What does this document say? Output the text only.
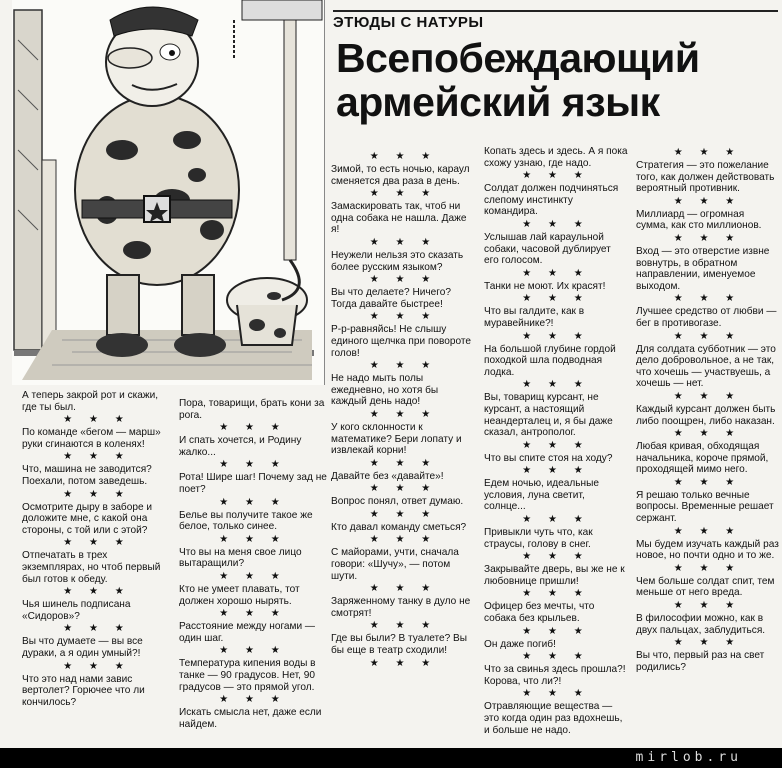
ЭТЮДЫ С НАТУРЫ
Всепобеждающий армейский язык

А теперь закрой рот и скажи, где ты был.

★ ★ ★

По команде «бегом — марш» руки сгинаются в коленях!

★ ★ ★

Что, машина не заводится? Поехали, потом заведешь.

★ ★ ★

Осмотрите дыру в заборе и доложите мне, с какой она стороны, с той или с этой?

★ ★ ★

Отпечатать в трех экземплярах, но чтоб первый был готов к обеду.

★ ★ ★

Чья шинель подписана «Сидоров»?

★ ★ ★

Вы что думаете — вы все дураки, а я один умный?!

★ ★ ★

Что это над нами завис вертолет? Горючее что ли кончилось?

Пора, товарищи, брать кони за рога.

★ ★ ★

И спать хочется, и Родину жалко...

★ ★ ★

Рота! Шире шаг! Почему зад не поет?

★ ★ ★

Белье вы получите такое же белое, только синее.

★ ★ ★

Что вы на меня свое лицо вытаращили?

★ ★ ★

Кто не умеет плавать, тот должен хорошо нырять.

★ ★ ★

Расстояние между ногами — один шаг.

★ ★ ★

Температура кипения воды в танке — 90 градусов. Нет, 90 градусов — это прямой угол.

★ ★ ★

Искать смысла нет, даже если найдем.

★ ★ ★

Зимой, то есть ночью, караул сменяется два раза в день.

★ ★ ★

Замаскировать так, чтоб ни одна собака не нашла. Даже я!

★ ★ ★

Неужели нельзя это сказать более русским языком?

★ ★ ★

Вы что делаете? Ничего? Тогда давайте быстрее!

★ ★ ★

Р-р-равняйсь! Не слышу единого щелчка при повороте голов!

★ ★ ★

Не надо мыть полы ежедневно, но хотя бы каждый день надо!

★ ★ ★

У кого склонности к математике? Бери лопату и извлекай корни!

★ ★ ★

Давайте без «давайте»!

★ ★ ★

Вопрос понял, ответ думаю.

★ ★ ★

Кто давал команду сметься?

★ ★ ★

С майорами, учти, сначала говори: «Шучу», — потом шути.

★ ★ ★

Заряженному танку в дуло не смотрят!

★ ★ ★

Где вы были? В туалете? Вы бы еще в театр сходили!

★ ★ ★

Копать здесь и здесь. А я пока схожу узнаю, где надо.

★ ★ ★

Солдат должен подчиняться слепому инстинкту командира.

★ ★ ★

Услышав лай караульной собаки, часовой дублирует его голосом.

★ ★ ★

Танки не моют. Их красят!

★ ★ ★

Что вы галдите, как в муравейнике?!

★ ★ ★

На большой глубине гордой походкой шла подводная лодка.

★ ★ ★

Вы, товарищ курсант, не курсант, а настоящий неандерталец и, я бы даже сказал, антрополог.

★ ★ ★

Что вы спите стоя на ходу?

★ ★ ★

Едем ночью, идеальные условия, луна светит, солнце...

★ ★ ★

Привыкли чуть что, как страусы, голову в снег.

★ ★ ★

Закрывайте дверь, вы же не к любовнице пришли!

★ ★ ★

Офицер без мечты, что собака без крыльев.

★ ★ ★

Он даже погиб!

★ ★ ★

Что за свинья здесь прошла?! Корова, что ли?!

★ ★ ★

Отравляющие вещества — это когда один раз вдохнешь, и больше не надо.

★ ★ ★

Стратегия — это пожелание того, как должен действовать вероятный противник.

★ ★ ★

Миллиард — огромная сумма, как сто миллионов.

★ ★ ★

Вход — это отверстие извне вовнутрь, в обратном направлении, именуемое выходом.

★ ★ ★

Лучшее средство от любви — бег в противогазе.

★ ★ ★

Для солдата субботник — это дело добровольное, а не так, что хочешь — участвуешь, а хочешь — нет.

★ ★ ★

Каждый курсант должен быть либо поощрен, либо наказан.

★ ★ ★

Любая кривая, обходящая начальника, короче прямой, проходящей мимо него.

★ ★ ★

Я решаю только вечные вопросы. Временные решает сержант.

★ ★ ★

Мы будем изучать каждый раз новое, но почти одно и то же.

★ ★ ★

Чем больше солдат спит, тем меньше от него вреда.

★ ★ ★

В философии можно, как в двух пальцах, заблудиться.

★ ★ ★

Вы что, первый раз на свет родились?

mirlob.ru
